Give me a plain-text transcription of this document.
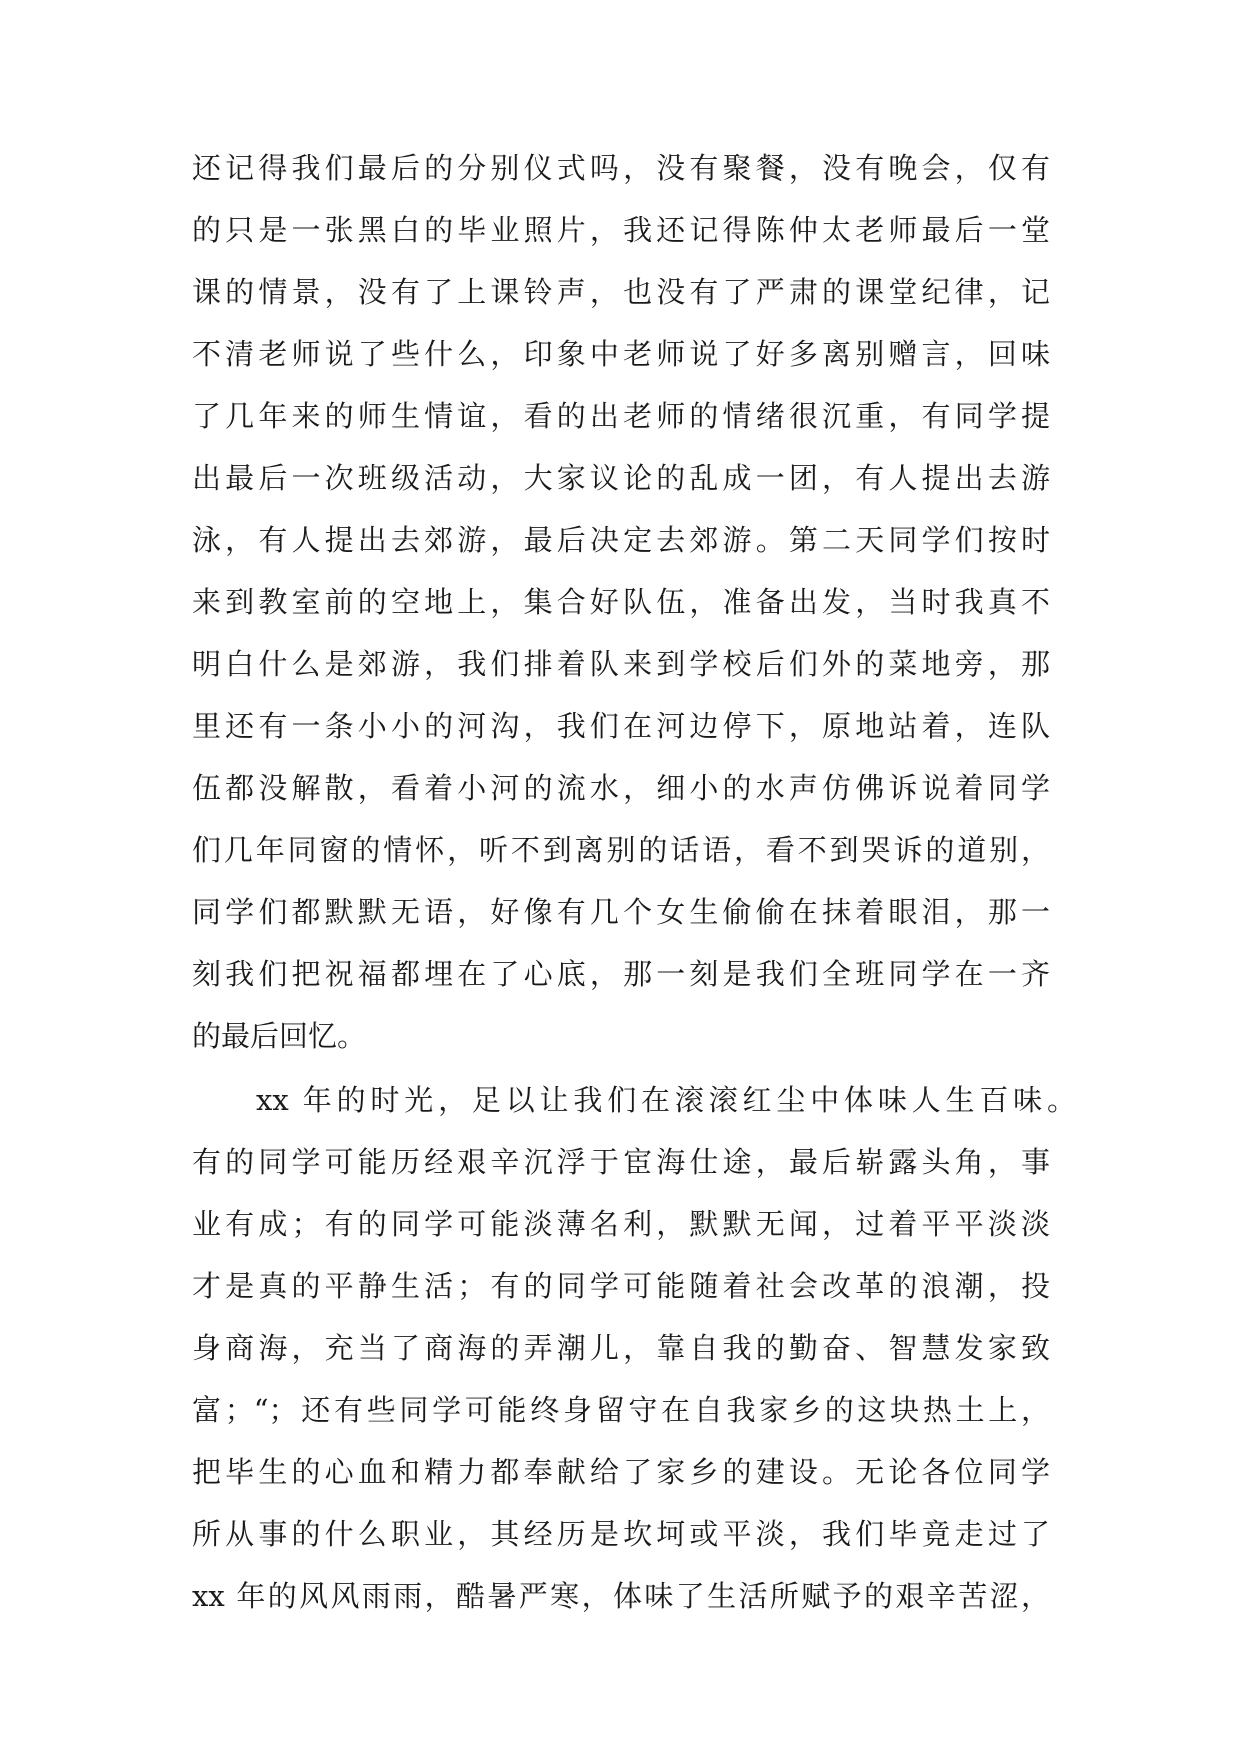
还记得我们最后的分别仪式吗，没有聚餐，没有晚会，仅有
的只是一张黑白的毕业照片，我还记得陈仲太老师最后一堂
课的情景，没有了上课铃声，也没有了严肃的课堂纪律，记
不清老师说了些什么，印象中老师说了好多离别赠言，回味
了几年来的师生情谊，看的出老师的情绪很沉重，有同学提
出最后一次班级活动，大家议论的乱成一团，有人提出去游
泳，有人提出去郊游，最后决定去郊游。第二天同学们按时
来到教室前的空地上，集合好队伍，准备出发，当时我真不
明白什么是郊游，我们排着队来到学校后们外的菜地旁，那
里还有一条小小的河沟，我们在河边停下，原地站着，连队
伍都没解散，看着小河的流水，细小的水声仿佛诉说着同学
们几年同窗的情怀，听不到离别的话语，看不到哭诉的道别，
同学们都默默无语，好像有几个女生偷偷在抹着眼泪，那一
刻我们把祝福都埋在了心底，那一刻是我们全班同学在一齐
的最后回忆。
xx 年的时光，足以让我们在滚滚红尘中体味人生百味。
有的同学可能历经艰辛沉浮于宦海仕途，最后崭露头角，事
业有成；有的同学可能淡薄名利，默默无闻，过着平平淡淡
才是真的平静生活；有的同学可能随着社会改革的浪潮，投
身商海，充当了商海的弄潮儿，靠自我的勤奋、智慧发家致
富；“；还有些同学可能终身留守在自我家乡的这块热土上，
把毕生的心血和精力都奉献给了家乡的建设。无论各位同学
所从事的什么职业，其经历是坎坷或平淡，我们毕竟走过了
xx 年的风风雨雨，酷暑严寒，体味了生活所赋予的艰辛苦涩，
